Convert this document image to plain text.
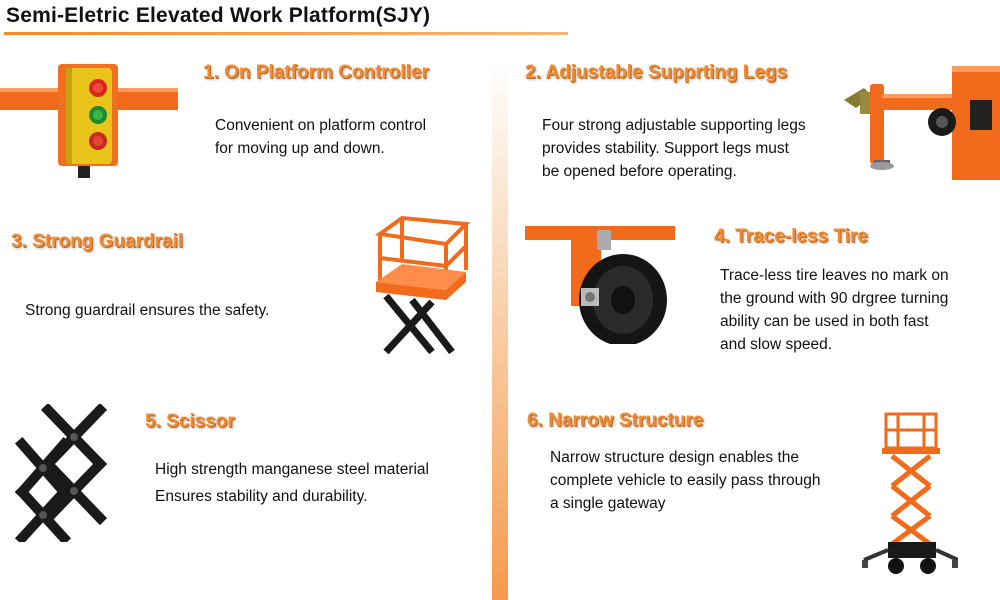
Semi-Eletric Elevated Work Platform(SJY)
1. On Platform Controller
Convenient on platform control
for moving up and down.
2. Adjustable Supprting Legs
Four strong adjustable supporting legs
provides stability. Support legs must
be opened before operating.
3. Strong Guardrail
Strong guardrail ensures the safety.
4. Trace-less Tire
Trace-less tire leaves no mark on
the ground with 90 drgree turning
ability can be used in both fast
and slow speed.
5. Scissor
High strength manganese steel material
Ensures stability and durability.
6. Narrow Structure
Narrow structure design enables the
complete vehicle to easily pass through
a single gateway
